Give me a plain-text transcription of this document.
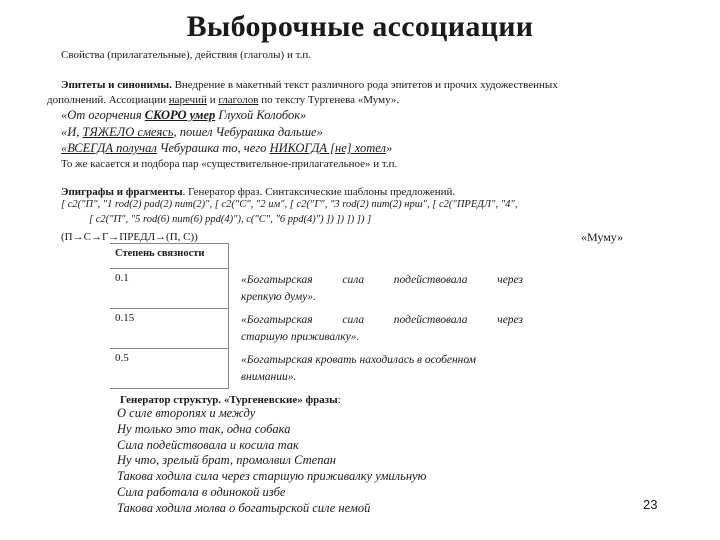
Выборочные ассоциации
Свойства (прилагательные), действия (глаголы) и т.п.
Эпитеты и синонимы. Внедрение в макетный текст различного рода эпитетов и прочих художественных
дополнений. Ассоциации наречий и глаголов по тексту Тургенева «Муму».
«От огорчения СКОРО умер Глухой Колобок»
«И, ТЯЖЕЛО смеясь, пошел Чебурашка дальше»
«ВСЕГДА получал Чебурашка то, чего НИКОГДА [не] хотел»
То же касается и подбора пар «существительное-прилагательное» и т.п.
Эпиграфы и фрагменты. Генератор фраз. Синтаксические шаблоны предложений.
[ c2("П", "1 rod(2) pad(2) num(2)", [ c2("С", "2 им", [ c2("Г", "3 rod(2) num(2) нрш", [ c2("ПРЕДЛ", "4",
[ c2("П", "5 rod(6) num(6) ppd(4)"), c("С", "6 ppd(4)") ]) ]) ]) ]) ]
(П→С→Г→ПРЕДЛ→(П, С))	«Муму»
Степень связности	
0.1	«Богатырская сила подействовала через
крепкую думу».

0.15	«Богатырская сила подействовала через
старшую приживалку».

0.5	«Богатырская кровать находилась в особенном
внимании».
Генератор структур. «Тургеневские» фразы:
О силе второпях и между
Ну только это так, одна собака
Сила подействовала и косила так
Ну что, зрелый брат, промолвил Степан
Такова ходила сила через старшую приживалку умильную
Сила работала в одинокой избе
Такова ходила молва о богатырской силе немой	23
